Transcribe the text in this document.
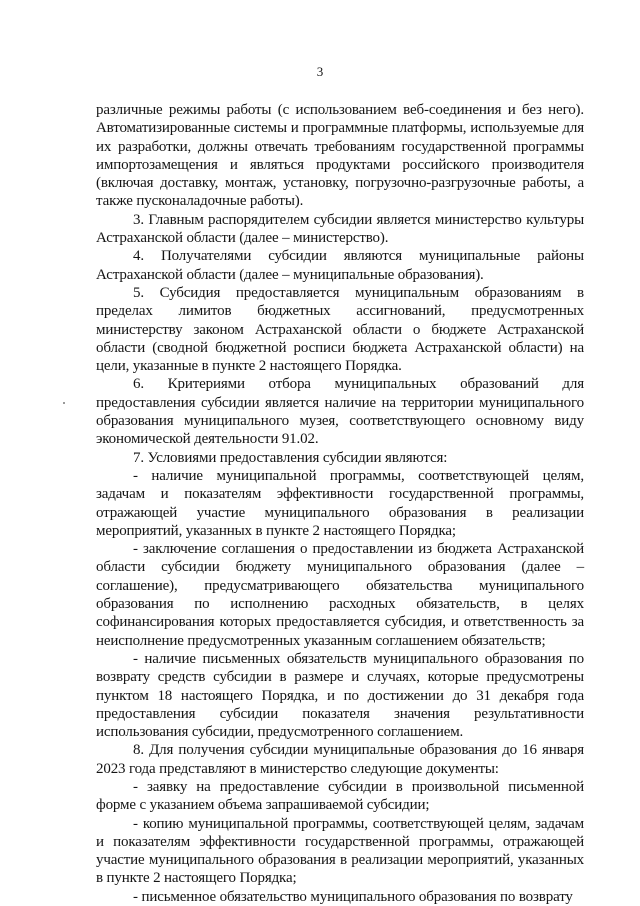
3

различные режимы работы (с использованием веб-соединения и без него). Автоматизированные системы и программные платформы, используемые для их разработки, должны отвечать требованиям государственной программы импортозамещения и являться продуктами российского производителя (включая доставку, монтаж, установку, погрузочно-разгрузочные работы, а также пусконаладочные работы).

3. Главным распорядителем субсидии является министерство культуры Астраханской области (далее – министерство).

4. Получателями субсидии являются муниципальные районы Астраханской области (далее – муниципальные образования).

5. Субсидия предоставляется муниципальным образованиям в пределах лимитов бюджетных ассигнований, предусмотренных министерству законом Астраханской области о бюджете Астраханской области (сводной бюджетной росписи бюджета Астраханской области) на цели, указанные в пункте 2 настоящего Порядка.

6. Критериями отбора муниципальных образований для предоставления субсидии является наличие на территории муниципального образования муниципального музея, соответствующего основному виду экономической деятельности 91.02.

7. Условиями предоставления субсидии являются:

- наличие муниципальной программы, соответствующей целям, задачам и показателям эффективности государственной программы, отражающей участие муниципального образования в реализации мероприятий, указанных в пункте 2 настоящего Порядка;

- заключение соглашения о предоставлении из бюджета Астраханской области субсидии бюджету муниципального образования (далее – соглашение), предусматривающего обязательства муниципального образования по исполнению расходных обязательств, в целях софинансирования которых предоставляется субсидия, и ответственность за неисполнение предусмотренных указанным соглашением обязательств;

- наличие письменных обязательств муниципального образования по возврату средств субсидии в размере и случаях, которые предусмотрены пунктом 18 настоящего Порядка, и по достижении до 31 декабря года предоставления субсидии показателя значения результативности использования субсидии, предусмотренного соглашением.

8. Для получения субсидии муниципальные образования до 16 января 2023 года представляют в министерство следующие документы:

- заявку на предоставление субсидии в произвольной письменной форме с указанием объема запрашиваемой субсидии;

- копию муниципальной программы, соответствующей целям, задачам и показателям эффективности государственной программы, отражающей участие муниципального образования в реализации мероприятий, указанных в пункте 2 настоящего Порядка;

- письменное обязательство муниципального образования по возврату
